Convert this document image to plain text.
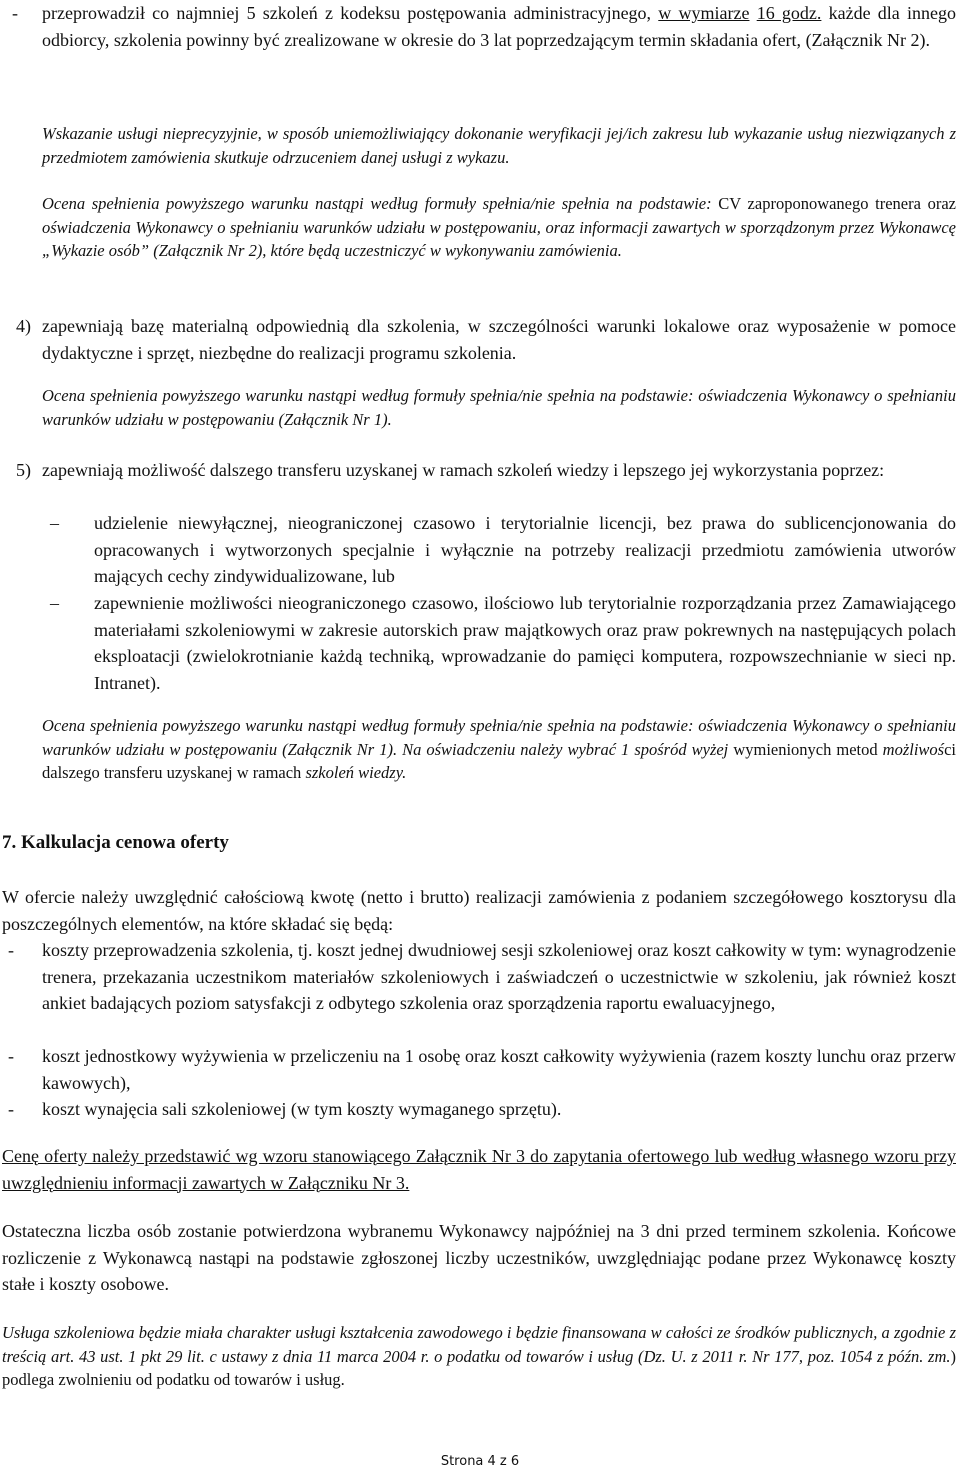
- przeprowadził co najmniej 5 szkoleń z kodeksu postępowania administracyjnego, w wymiarze 16 godz. każde dla innego odbiorcy, szkolenia powinny być zrealizowane w okresie do 3 lat poprzedzającym termin składania ofert, (Załącznik Nr 2).
Wskazanie usługi nieprecyzyjnie, w sposób uniemożliwiający dokonanie weryfikacji jej/ich zakresu lub wykazanie usług niezwiązanych z przedmiotem zamówienia skutkuje odrzuceniem danej usługi z wykazu.
Ocena spełnienia powyższego warunku nastąpi według formuły spełnia/nie spełnia na podstawie: CV zaproponowanego trenera oraz oświadczenia Wykonawcy o spełnianiu warunków udziału w postępowaniu, oraz informacji zawartych w sporządzonym przez Wykonawcę „Wykazie osób” (Załącznik Nr 2), które będą uczestniczyć w wykonywaniu zamówienia.
4) zapewniają bazę materialną odpowiednią dla szkolenia, w szczególności warunki lokalowe oraz wyposażenie w pomoce dydaktyczne i sprzęt, niezbędne do realizacji programu szkolenia.
Ocena spełnienia powyższego warunku nastąpi według formuły spełnia/nie spełnia na podstawie: oświadczenia Wykonawcy o spełnianiu warunków udziału w postępowaniu (Załącznik Nr 1).
5) zapewniają możliwość dalszego transferu uzyskanej w ramach szkoleń wiedzy i lepszego jej wykorzystania poprzez:
– udzielenie niewyłącznej, nieograniczonej czasowo i terytorialnie licencji, bez prawa do sublicencjonowania do opracowanych i wytworzonych specjalnie i wyłącznie na potrzeby realizacji przedmiotu zamówienia utworów mających cechy zindywidualizowane, lub
– zapewnienie możliwości nieograniczonego czasowo, ilościowo lub terytorialnie rozporządzania przez Zamawiającego materiałami szkoleniowymi w zakresie autorskich praw majątkowych oraz praw pokrewnych na następujących polach eksploatacji (zwielokrotnianie każdą techniką, wprowadzanie do pamięci komputera, rozpowszechnianie w sieci np. Intranet).
Ocena spełnienia powyższego warunku nastąpi według formuły spełnia/nie spełnia na podstawie: oświadczenia Wykonawcy o spełnianiu warunków udziału w postępowaniu (Załącznik Nr 1). Na oświadczeniu należy wybrać 1 spośród wyżej wymienionych metod możliwości dalszego transferu uzyskanej w ramach szkoleń wiedzy.
7. Kalkulacja cenowa oferty
W ofercie należy uwzględnić całościową kwotę (netto i brutto) realizacji zamówienia z podaniem szczegółowego kosztorysu dla poszczególnych elementów, na które składać się będą:
- koszty przeprowadzenia szkolenia, tj. koszt jednej dwudniowej sesji szkoleniowej oraz koszt całkowity w tym: wynagrodzenie trenera, przekazania uczestnikom materiałów szkoleniowych i zaświadczeń o uczestnictwie w szkoleniu, jak również koszt ankiet badających poziom satysfakcji z odbytego szkolenia oraz sporządzenia raportu ewaluacyjnego,
- koszt jednostkowy wyżywienia w przeliczeniu na 1 osobę oraz koszt całkowity wyżywienia (razem koszty lunchu oraz przerw kawowych),
- koszt wynajęcia sali szkoleniowej (w tym koszty wymaganego sprzętu).
Cenę oferty należy przedstawić wg wzoru stanowiącego Załącznik Nr 3 do zapytania ofertowego lub według własnego wzoru przy uwzględnieniu informacji zawartych w Załączniku Nr 3.
Ostateczna liczba osób zostanie potwierdzona wybranemu Wykonawcy najpóźniej na 3 dni przed terminem szkolenia. Końcowe rozliczenie z Wykonawcą nastąpi na podstawie zgłoszonej liczby uczestników, uwzględniając podane przez Wykonawcę koszty stałe i koszty osobowe.
Usługa szkoleniowa będzie miała charakter usługi kształcenia zawodowego i będzie finansowana w całości ze środków publicznych, a zgodnie z treścią art. 43 ust. 1 pkt 29 lit. c ustawy z dnia 11 marca 2004 r. o podatku od towarów i usług (Dz. U. z 2011 r. Nr 177, poz. 1054 z późn. zm.) podlega zwolnieniu od podatku od towarów i usług.
Strona 4 z 6
